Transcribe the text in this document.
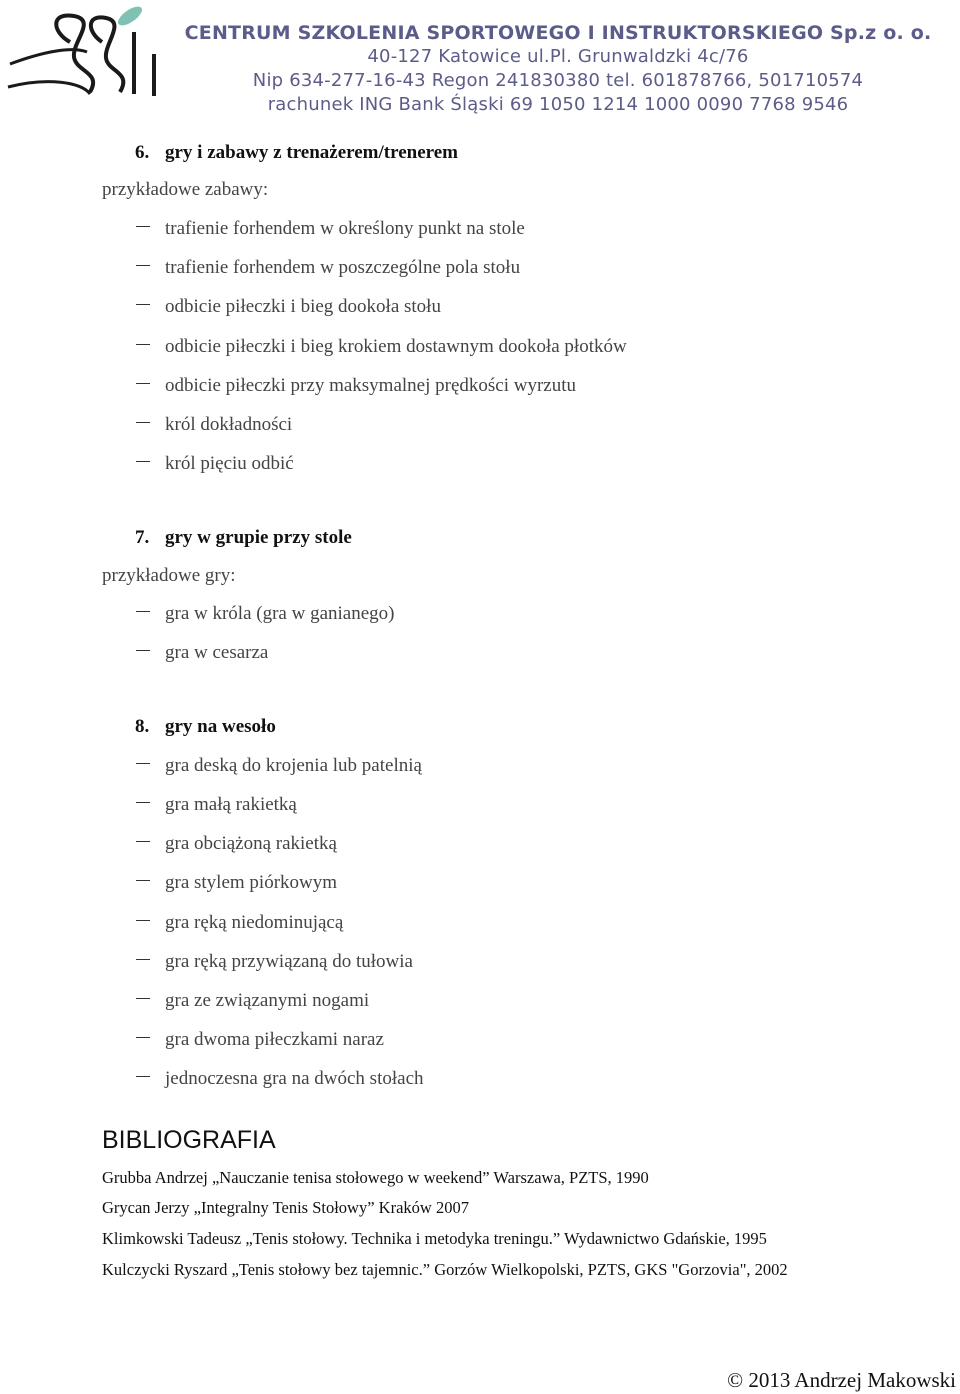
CENTRUM SZKOLENIA SPORTOWEGO I INSTRUKTORSKIEGO Sp.z o. o.
40-127 Katowice ul.Pl. Grunwaldzki 4c/76
Nip 634-277-16-43 Regon 241830380 tel. 601878766, 501710574
rachunek ING Bank Śląski 69 1050 1214 1000 0090 7768 9546
6. gry i zabawy z trenażerem/trenerem
przykładowe zabawy:
trafienie forhendem w określony punkt na stole
trafienie forhendem w poszczególne pola stołu
odbicie piłeczki i bieg dookoła stołu
odbicie piłeczki i bieg krokiem dostawnym dookoła płotków
odbicie piłeczki przy maksymalnej prędkości wyrzutu
król dokładności
król pięciu odbić
7. gry w grupie przy stole
przykładowe gry:
gra w króla (gra w ganianego)
gra w cesarza
8. gry na wesoło
gra deską do krojenia lub patelnią
gra małą rakietką
gra obciążoną rakietką
gra stylem piórkowym
gra ręką niedominującą
gra ręką przywiązaną do tułowia
gra ze związanymi nogami
gra dwoma piłeczkami naraz
jednoczesna gra na dwóch stołach
BIBLIOGRAFIA
Grubba Andrzej „Nauczanie tenisa stołowego w weekend” Warszawa, PZTS, 1990
Grycan Jerzy „Integralny Tenis Stołowy” Kraków 2007
Klimkowski Tadeusz „Tenis stołowy. Technika i metodyka treningu.” Wydawnictwo Gdańskie, 1995
Kulczycki Ryszard „Tenis stołowy bez tajemnic.” Gorzów Wielkopolski, PZTS, GKS "Gorzovia", 2002
© 2013 Andrzej Makowski
